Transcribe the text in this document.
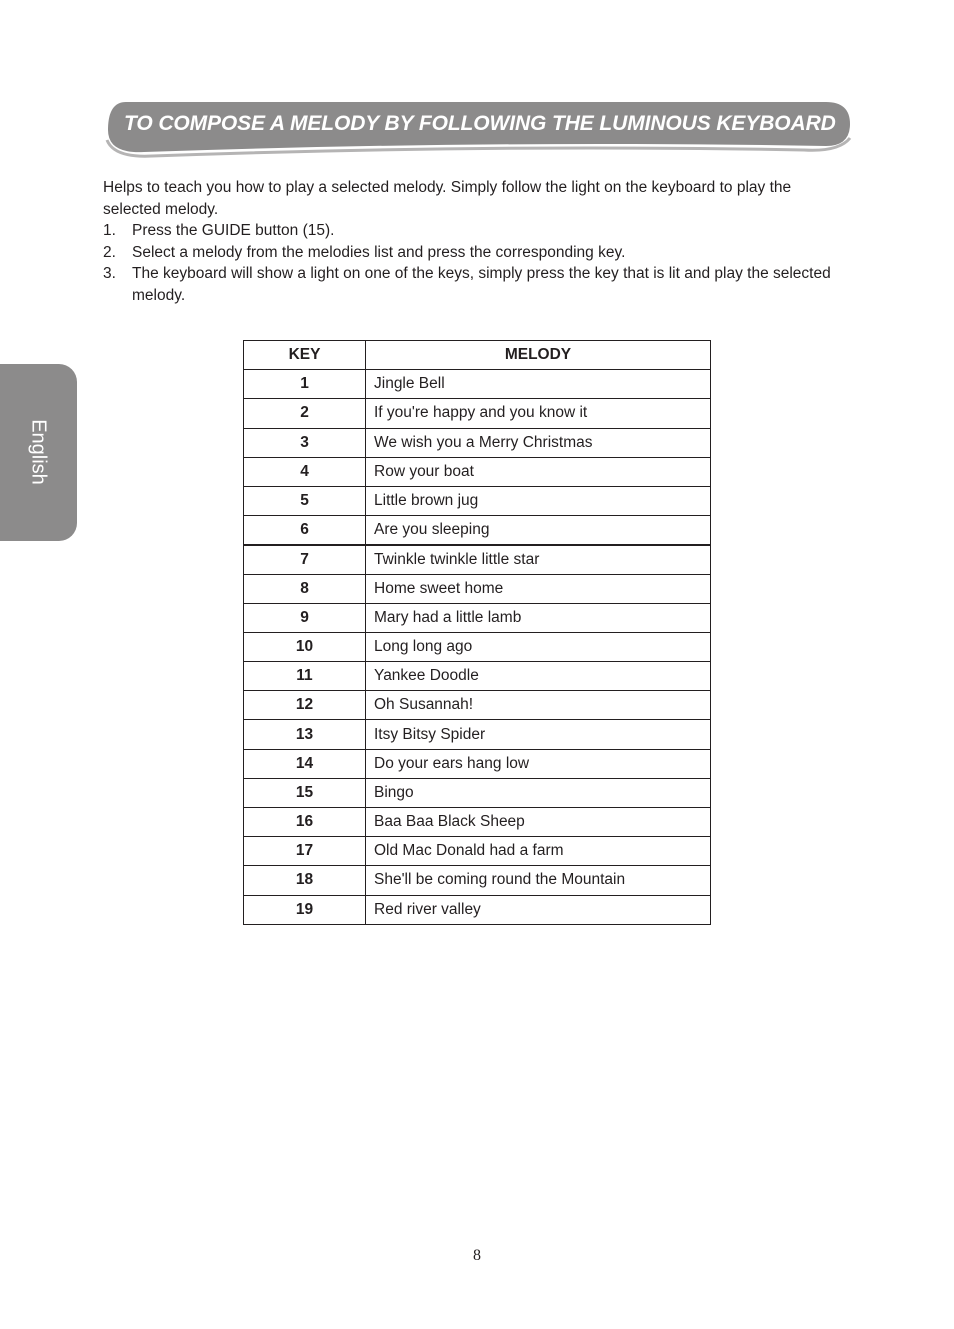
TO COMPOSE A MELODY BY FOLLOWING THE LUMINOUS KEYBOARD
English

Helps to teach you how to play a selected melody. Simply follow the light on the keyboard to play the selected melody.

1. Press the GUIDE button (15).
2. Select a melody from the melodies list and press the corresponding key.
3. The keyboard will show a light on one of the keys, simply press the key that is lit and play the selected melody.
KEY	MELODY
1	Jingle Bell
2	If you're happy and you know it
3	We wish you a Merry Christmas
4	Row your boat
5	Little brown jug
6	Are you sleeping
7	Twinkle twinkle little star
8	Home sweet home
9	Mary had a little lamb
10	Long long ago
11	Yankee Doodle
12	Oh Susannah!
13	Itsy Bitsy Spider
14	Do your ears hang low
15	Bingo
16	Baa Baa Black Sheep
17	Old Mac Donald had a farm
18	She'll be coming round the Mountain
19	Red river valley
8
